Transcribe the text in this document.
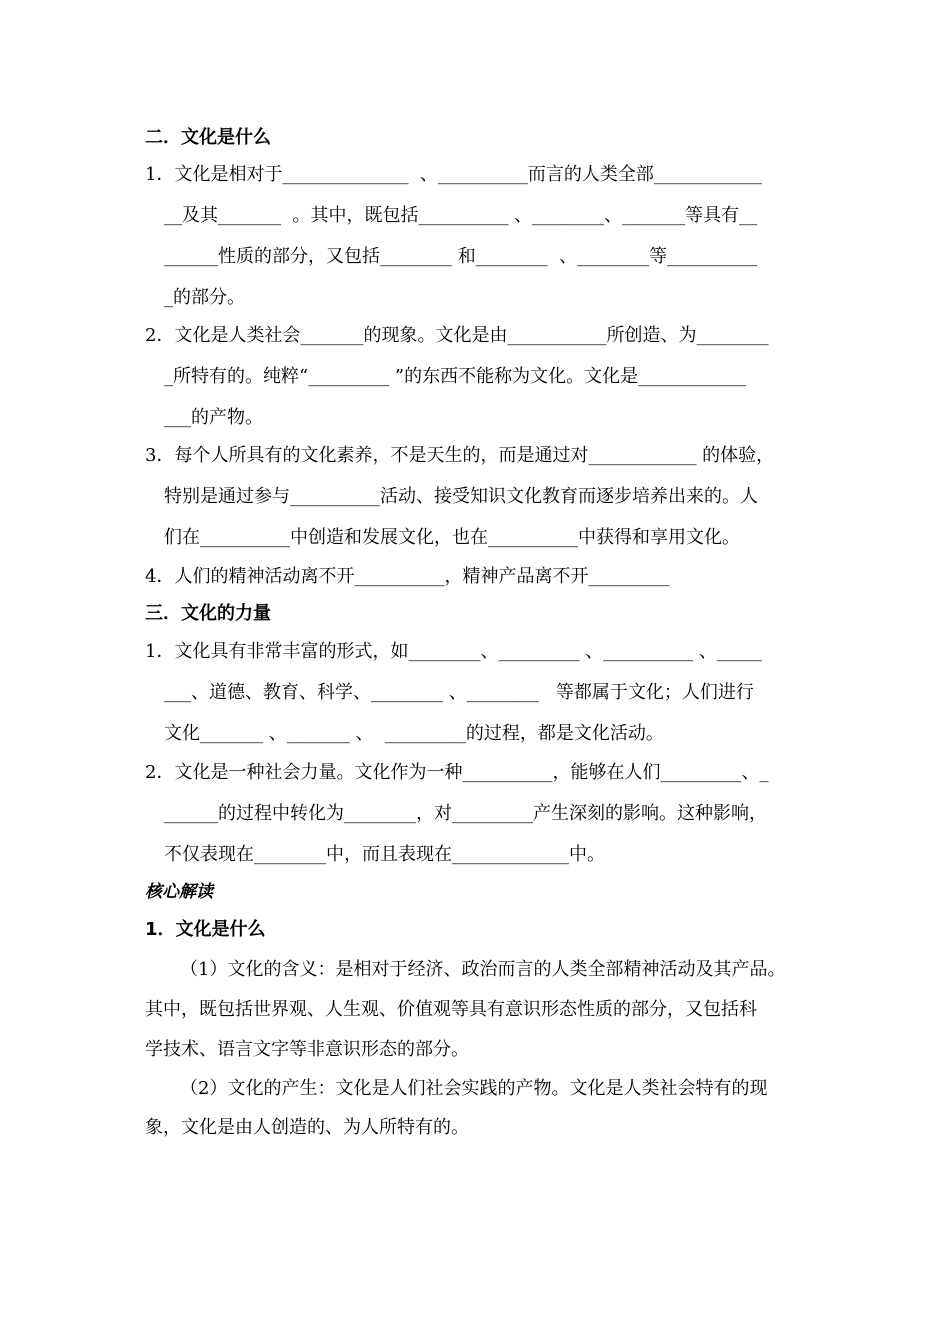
二．文化是什么
1．文化是相对于______________  、__________而言的人类全部____________
__及其_______  。其中，既包括__________ 、________、_______等具有__
______性质的部分，又包括________ 和________  、________等__________
_的部分。
2．文化是人类社会_______的现象。文化是由___________所创造、为________
_所特有的。纯粹“_________ ”的东西不能称为文化。文化是____________
___的产物。
3．每个人所具有的文化素养，不是天生的，而是通过对____________ 的体验，
特别是通过参与__________活动、接受知识文化教育而逐步培养出来的。人
们在__________中创造和发展文化，也在__________中获得和享用文化。
4．人们的精神活动离不开__________，精神产品离不开_________
三．文化的力量
1．文化具有非常丰富的形式，如________、_________ 、__________ 、_____
___、道德、教育、科学、________ 、________   等都属于文化；人们进行
文化_______ 、_______ 、  _________的过程，都是文化活动。
2．文化是一种社会力量。文化作为一种__________，能够在人们_________、_
______的过程中转化为________，对_________产生深刻的影响。这种影响，
不仅表现在________中，而且表现在_____________中。
核心解读
1．文化是什么
（1）文化的含义：是相对于经济、政治而言的人类全部精神活动及其产品。
其中，既包括世界观、人生观、价值观等具有意识形态性质的部分，又包括科
学技术、语言文字等非意识形态的部分。
（2）文化的产生：文化是人们社会实践的产物。文化是人类社会特有的现
象，文化是由人创造的、为人所特有的。
